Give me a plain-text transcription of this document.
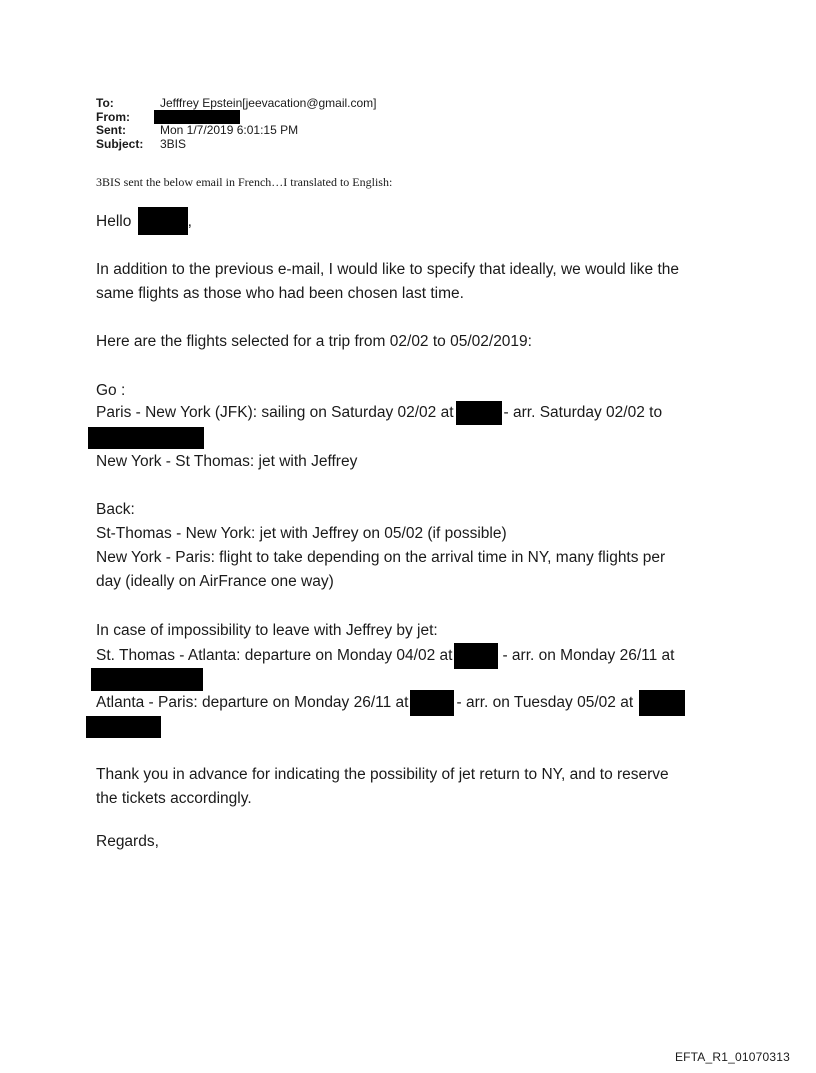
To:	Jefffrey Epstein[jeevacation@gmail.com]
From:
Sent:	Mon 1/7/2019 6:01:15 PM
Subject:	3BIS
3BIS sent the below email in French…I translated to English:
Hello	,
In addition to the previous e-mail, I would like to specify that ideally, we would like the
same flights as those who had been chosen last time.
Here are the flights selected for a trip from 02/02 to 05/02/2019:
Go :
Paris - New York (JFK): sailing on Saturday 02/02 at	- arr. Saturday 02/02 to
New York - St Thomas: jet with Jeffrey
Back:
St-Thomas - New York: jet with Jeffrey on 05/02 (if possible)
New York - Paris: flight to take depending on the arrival time in NY, many flights per
day (ideally on AirFrance one way)
In case of impossibility to leave with Jeffrey by jet:
St. Thomas - Atlanta: departure on Monday 04/02 at	- arr. on Monday 26/11 at
Atlanta - Paris: departure on Monday 26/11 at	- arr. on Tuesday 05/02 at
Thank you in advance for indicating the possibility of jet return to NY, and to reserve
the tickets accordingly.
Regards,
EFTA_R1_01070313
